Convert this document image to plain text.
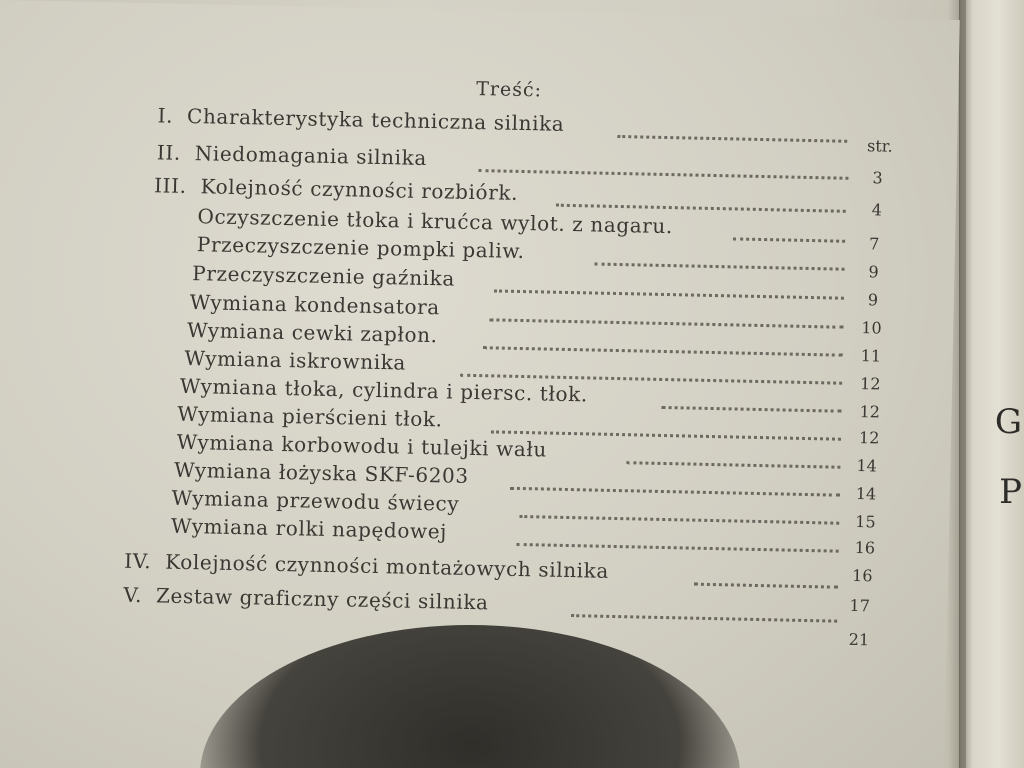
G
P
Treść:
str.
I. Charakterystyka techniczna silnika
II. Niedomagania silnika
III. Kolejność czynności rozbiórk.
Oczyszczenie tłoka i krućca wylot. z nagaru.
Przeczyszczenie pompki paliw.
Przeczyszczenie gaźnika
Wymiana kondensatora
Wymiana cewki zapłon.
Wymiana iskrownika
Wymiana tłoka, cylindra i piersc. tłok.
Wymiana pierścieni tłok.
Wymiana korbowodu i tulejki wału
Wymiana łożyska SKF-6203
Wymiana przewodu świecy
Wymiana rolki napędowej
IV. Kolejność czynności montażowych silnika
V. Zestaw graficzny części silnika
3
4
7
9
9
10
11
12
12
12
14
14
15
16
16
17
21
